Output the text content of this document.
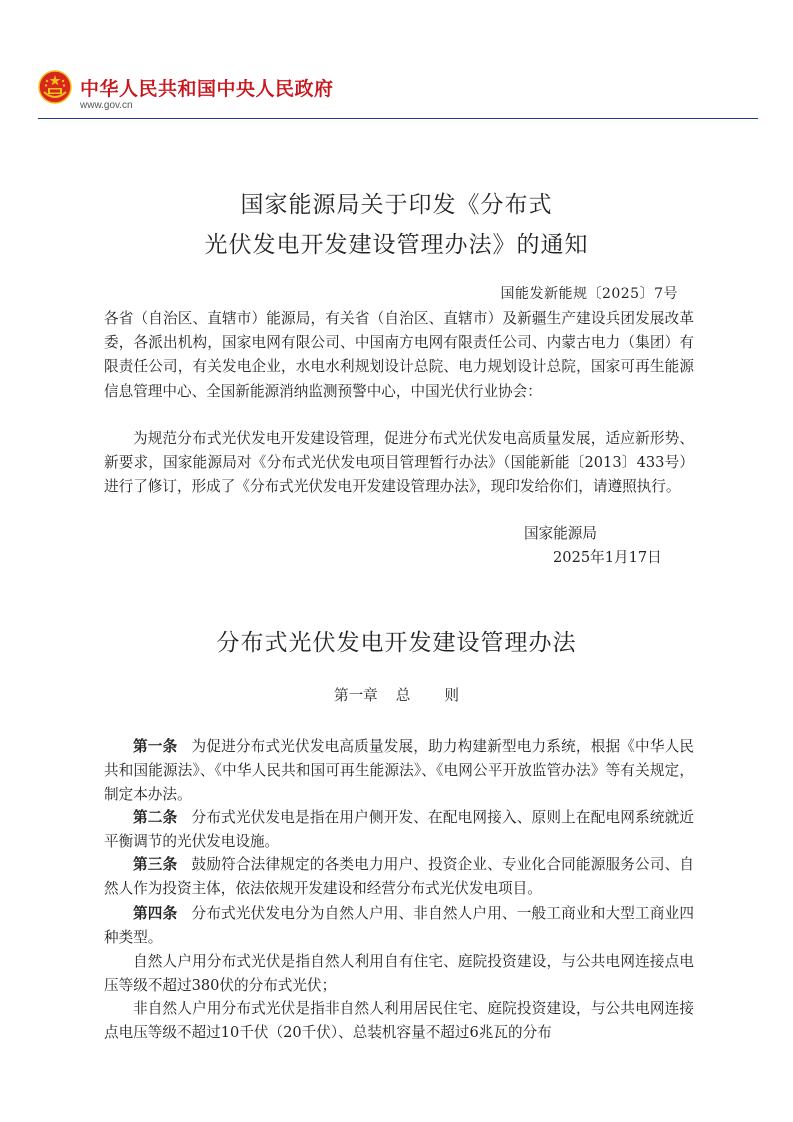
中华人民共和国中央人民政府
www.gov.cn
国家能源局关于印发《分布式
光伏发电开发建设管理办法》的通知
国能发新能规〔2025〕7号

各省（自治区、直辖市）能源局，有关省（自治区、直辖市）及新疆生产建设兵团发展改革委，各派出机构，国家电网有限公司、中国南方电网有限责任公司、内蒙古电力（集团）有限责任公司，有关发电企业，水电水利规划设计总院、电力规划设计总院，国家可再生能源信息管理中心、全国新能源消纳监测预警中心，中国光伏行业协会：

为规范分布式光伏发电开发建设管理，促进分布式光伏发电高质量发展，适应新形势、新要求，国家能源局对《分布式光伏发电项目管理暂行办法》（国能新能〔2013〕433号）进行了修订，形成了《分布式光伏发电开发建设管理办法》，现印发给你们，请遵照执行。

国家能源局
2025年1月17日
分布式光伏发电开发建设管理办法
第一章 总 则

第一条 为促进分布式光伏发电高质量发展，助力构建新型电力系统，根据《中华人民共和国能源法》、《中华人民共和国可再生能源法》、《电网公平开放监管办法》等有关规定，制定本办法。

第二条 分布式光伏发电是指在用户侧开发、在配电网接入、原则上在配电网系统就近平衡调节的光伏发电设施。

第三条 鼓励符合法律规定的各类电力用户、投资企业、专业化合同能源服务公司、自然人作为投资主体，依法依规开发建设和经营分布式光伏发电项目。

第四条 分布式光伏发电分为自然人户用、非自然人户用、一般工商业和大型工商业四种类型。

自然人户用分布式光伏是指自然人利用自有住宅、庭院投资建设，与公共电网连接点电压等级不超过380伏的分布式光伏；

非自然人户用分布式光伏是指非自然人利用居民住宅、庭院投资建设，与公共电网连接点电压等级不超过10千伏（20千伏）、总装机容量不超过6兆瓦的分布
